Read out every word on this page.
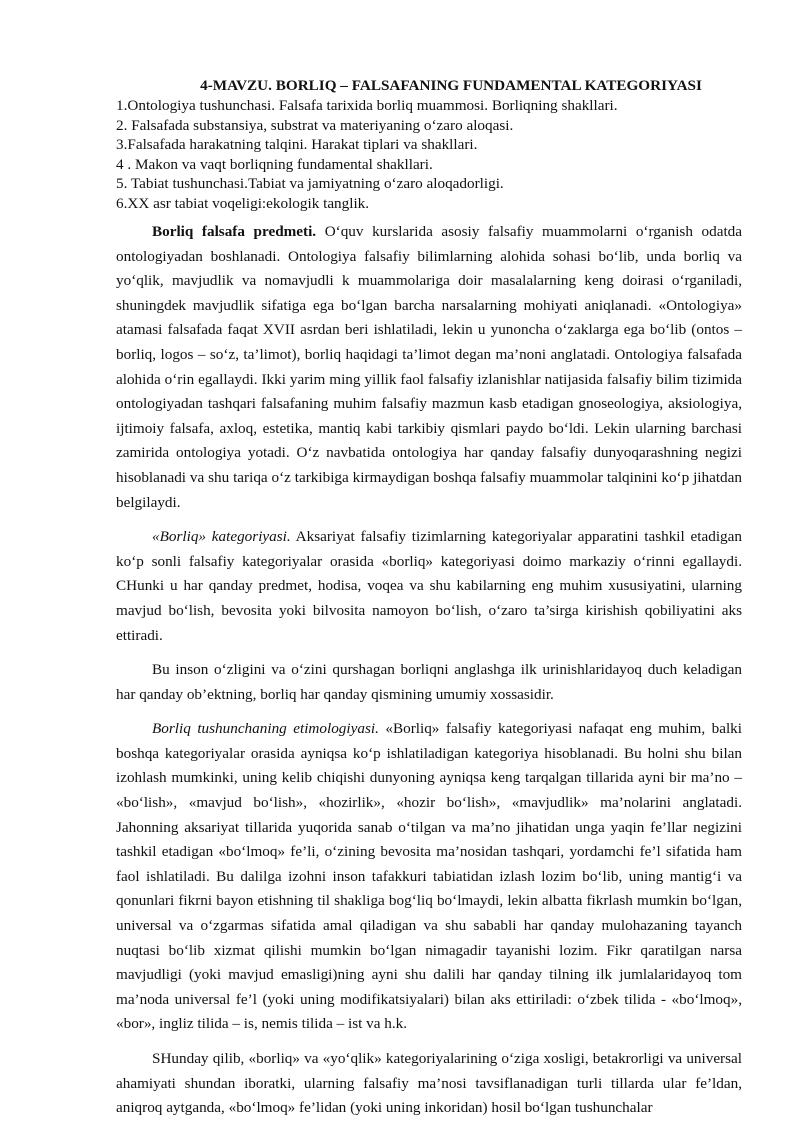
4-MAVZU. BORLIQ – FALSAFANING FUNDAMENTAL KATEGORIYASI
1.Ontologiya tushunchasi. Falsafa tarixida borliq muammosi. Borliqning shakllari.
2. Falsafada substansiya, substrat va materiyaning o‘zaro aloqasi.
3.Falsafada harakatning talqini. Harakat tiplari va shakllari.
4 . Makon va vaqt borliqning fundamental shakllari.
5. Tabiat tushunchasi.Tabiat va jamiyatning o‘zaro aloqadorligi.
6.XX asr tabiat voqeligi:ekologik tanglik.

Borliq falsafa predmeti. O‘quv kurslarida asosiy falsafiy muammolarni o‘rganish odatda ontologiyadan boshlanadi. Ontologiya falsafiy bilimlarning alohida sohasi bo‘lib, unda borliq va yo‘qlik, mavjudlik va nomavjudli k muammolariga doir masalalarning keng doirasi o‘rganiladi, shuningdek mavjudlik sifatiga ega bo‘lgan barcha narsalarning mohiyati aniqlanadi. «Ontologiya» atamasi falsafada faqat XVII asrdan beri ishlatiladi, lekin u yunoncha o‘zaklarga ega bo‘lib (ontos – borliq, logos – so‘z, ta’limot), borliq haqidagi ta’limot degan ma’noni anglatadi. Ontologiya falsafada alohida o‘rin egallaydi. Ikki yarim ming yillik faol falsafiy izlanishlar natijasida falsafiy bilim tizimida ontologiyadan tashqari falsafaning muhim falsafiy mazmun kasb etadigan gnoseologiya, aksiologiya, ijtimoiy falsafa, axloq, estetika, mantiq kabi tarkibiy qismlari paydo bo‘ldi. Lekin ularning barchasi zamirida ontologiya yotadi. O‘z navbatida ontologiya har qanday falsafiy dunyoqarashning negizi hisoblanadi va shu tariqa o‘z tarkibiga kirmaydigan boshqa falsafiy muammolar talqinini ko‘p jihatdan belgilaydi.

«Borliq» kategoriyasi. Aksariyat falsafiy tizimlarning kategoriyalar apparatini tashkil etadigan ko‘p sonli falsafiy kategoriyalar orasida «borliq» kategoriyasi doimo markaziy o‘rinni egallaydi. CHunki u har qanday predmet, hodisa, voqea va shu kabilarning eng muhim xususiyatini, ularning mavjud bo‘lish, bevosita yoki bilvosita namoyon bo‘lish, o‘zaro ta’sirga kirishish qobiliyatini aks ettiradi.

Bu inson o‘zligini va o‘zini qurshagan borliqni anglashga ilk urinishlaridayoq duch keladigan har qanday ob’ektning, borliq har qanday qismining umumiy xossasidir.

Borliq tushunchaning etimologiyasi. «Borliq» falsafiy kategoriyasi nafaqat eng muhim, balki boshqa kategoriyalar orasida ayniqsa ko‘p ishlatiladigan kategoriya hisoblanadi. Bu holni shu bilan izohlash mumkinki, uning kelib chiqishi dunyoning ayniqsa keng tarqalgan tillarida ayni bir ma’no – «bo‘lish», «mavjud bo‘lish», «hozirlik», «hozir bo‘lish», «mavjudlik» ma’nolarini anglatadi. Jahonning aksariyat tillarida yuqorida sanab o‘tilgan va ma’no jihatidan unga yaqin fe’llar negizini tashkil etadigan «bo‘lmoq» fe’li, o‘zining bevosita ma’nosidan tashqari, yordamchi fe’l sifatida ham faol ishlatiladi. Bu dalilga izohni inson tafakkuri tabiatidan izlash lozim bo‘lib, uning mantig‘i va qonunlari fikrni bayon etishning til shakliga bog‘liq bo‘lmaydi, lekin albatta fikrlash mumkin bo‘lgan, universal va o‘zgarmas sifatida amal qiladigan va shu sababli har qanday mulohazaning tayanch nuqtasi bo‘lib xizmat qilishi mumkin bo‘lgan nimagadir tayanishi lozim. Fikr qaratilgan narsa mavjudligi (yoki mavjud emasligi)ning ayni shu dalili har qanday tilning ilk jumlalaridayoq tom ma’noda universal fe’l (yoki uning modifikatsiyalari) bilan aks ettiriladi: o‘zbek tilida - «bo‘lmoq», «bor», ingliz tilida – is, nemis tilida – ist va h.k.

SHunday qilib, «borliq» va «yo‘qlik» kategoriyalarining o‘ziga xosligi, betakrorligi va universal ahamiyati shundan iboratki, ularning falsafiy ma’nosi tavsiflanadigan turli tillarda ular fe’ldan, aniqroq aytganda, «bo‘lmoq» fe’lidan (yoki uning inkoridan) hosil bo‘lgan tushunchalar
